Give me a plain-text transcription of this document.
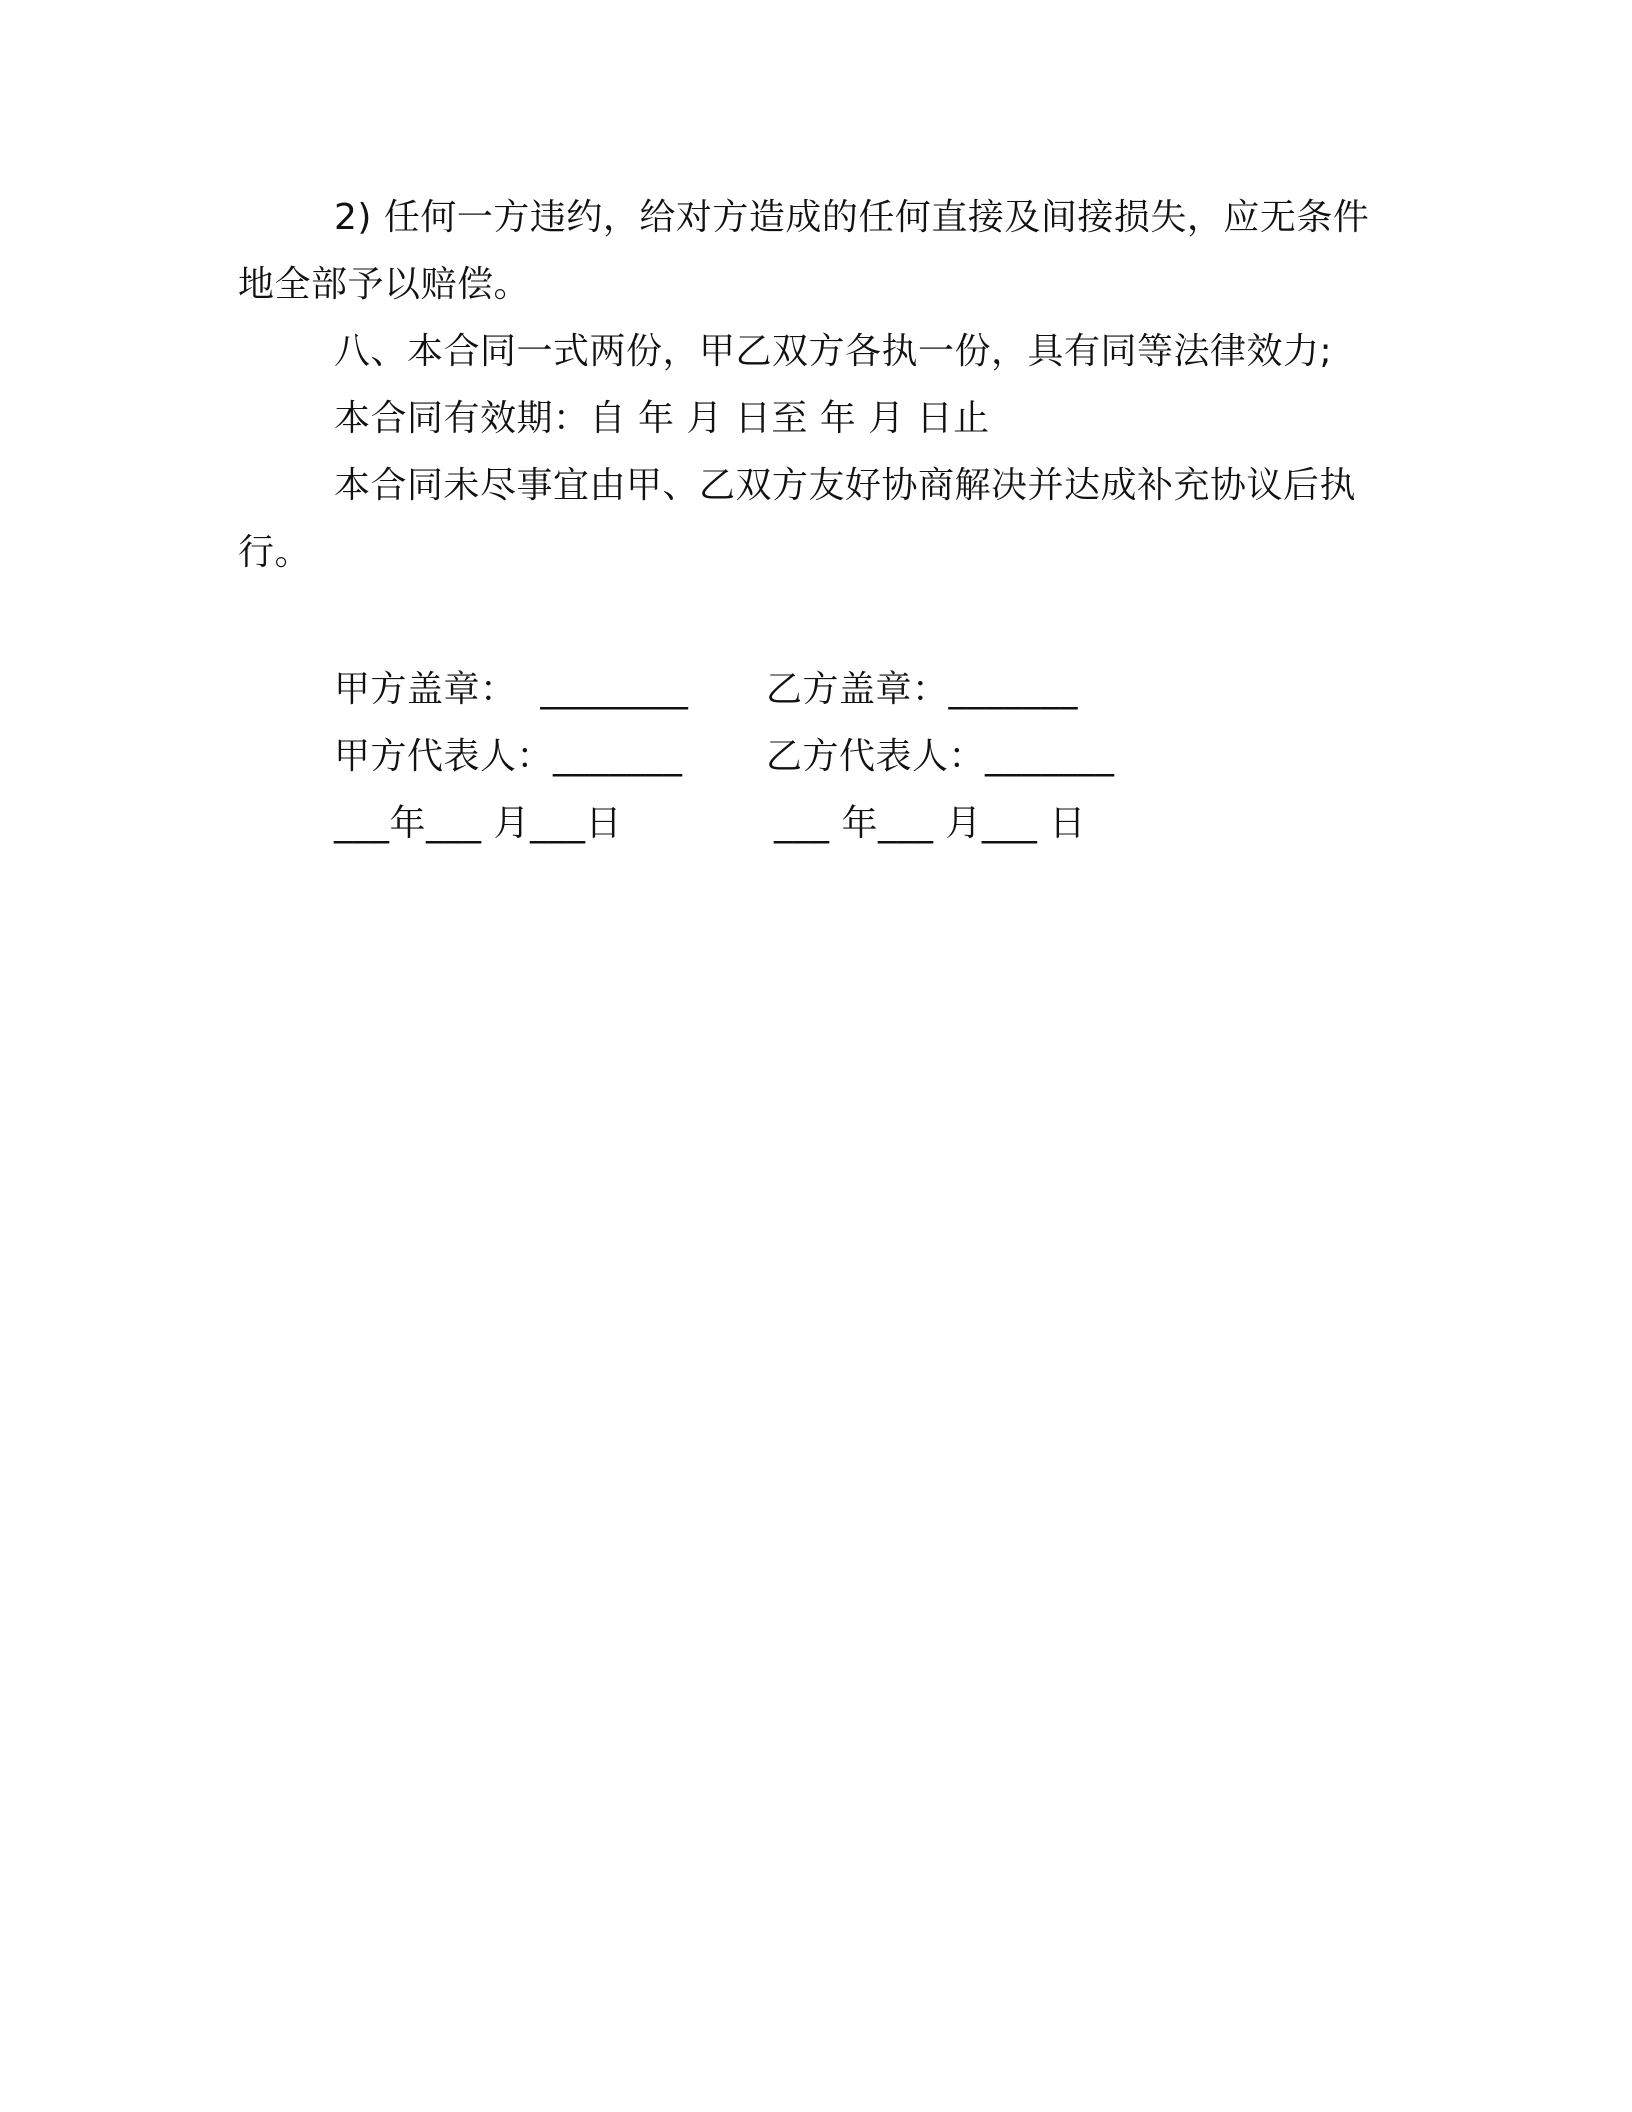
2) 任何一方违约，给对方造成的任何直接及间接损失，应无条件地全部予以赔偿。

八、本合同一式两份，甲乙双方各执一份，具有同等法律效力;

本合同有效期：自 年 月 日至 年 月 日止

本合同未尽事宜由甲、乙双方友好协商解决并达成补充协议后执行。

甲方盖章：  ________ 乙方盖章：_______
甲方代表人：_______ 乙方代表人：_______
___年___ 月___日	___ 年___ 月___ 日
